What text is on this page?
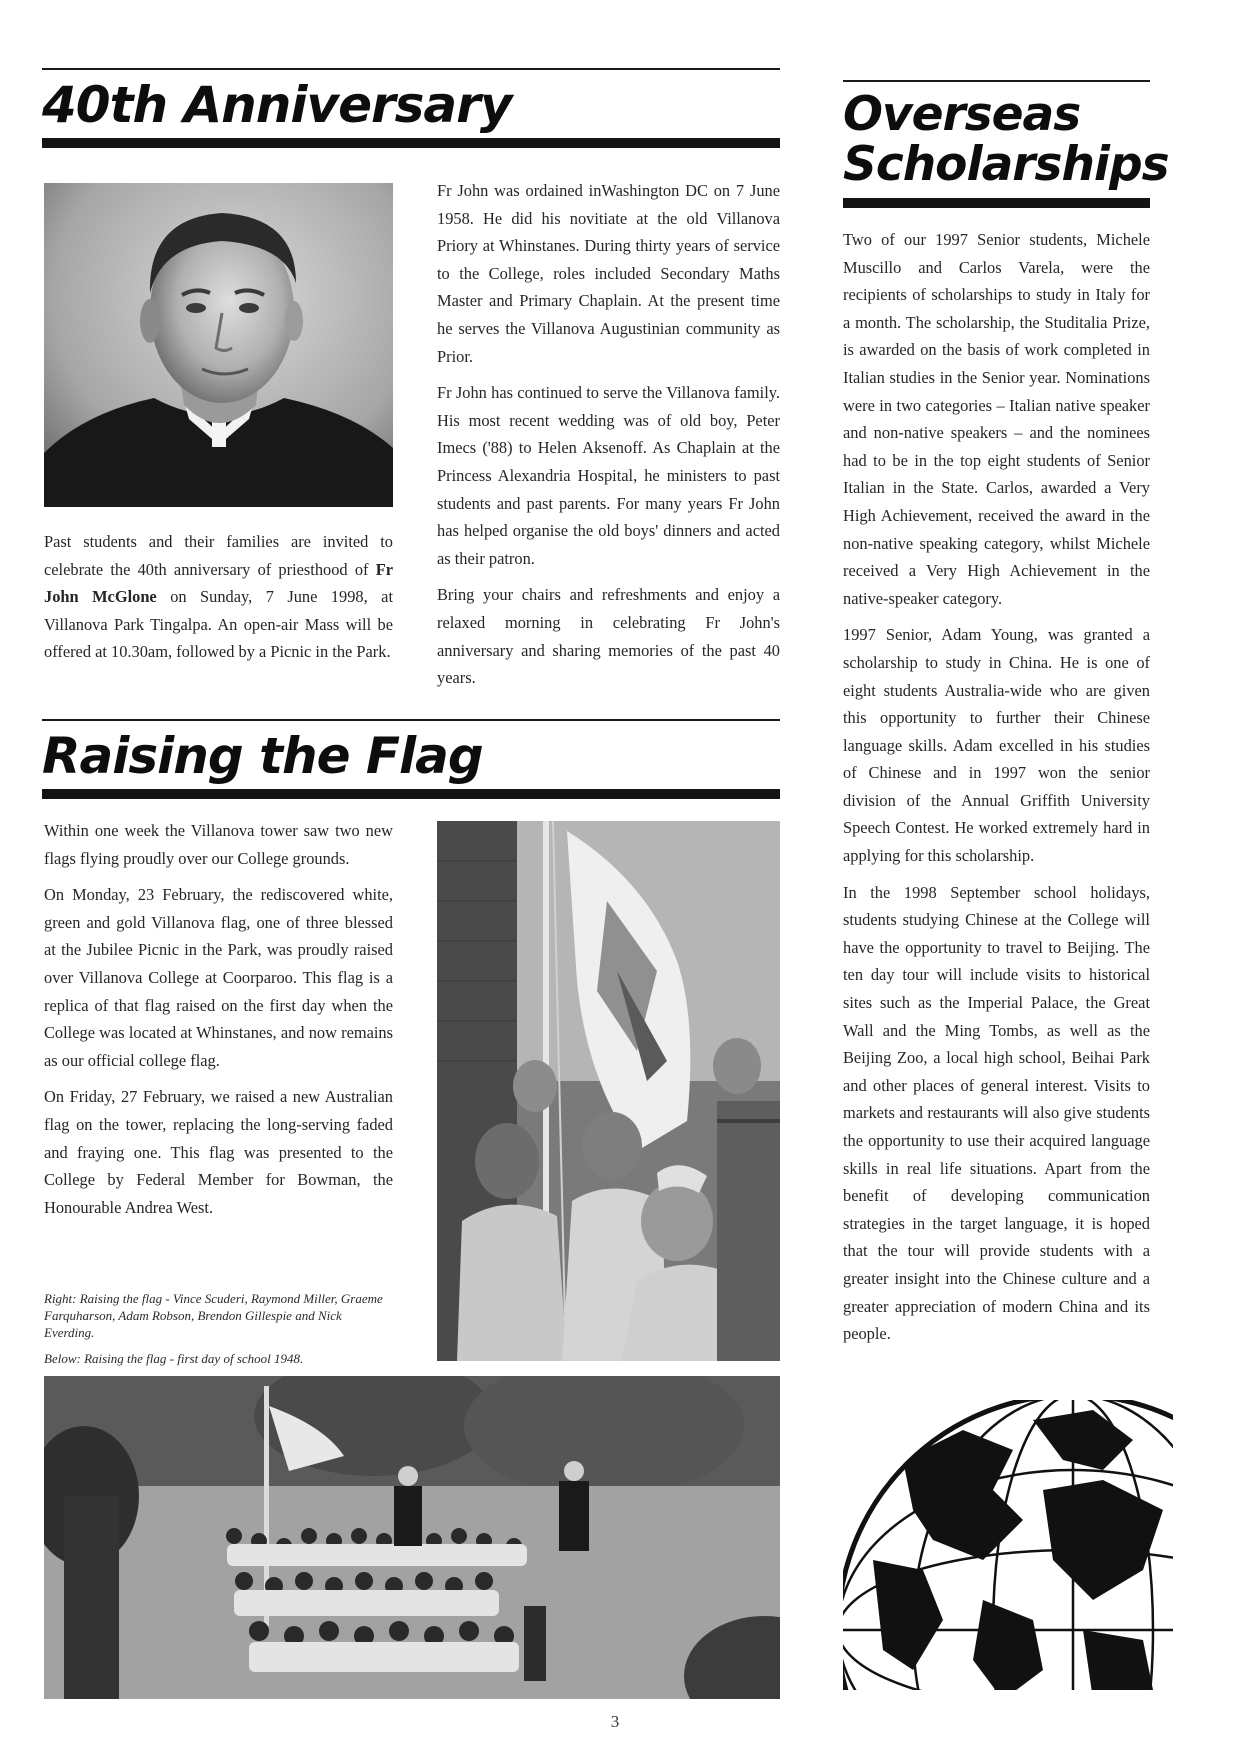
40th Anniversary

Past students and their families are invited to celebrate the 40th anniversary of priesthood of Fr John McGlone on Sunday, 7 June 1998, at Villanova Park Tingalpa. An open-air Mass will be offered at 10.30am, followed by a Picnic in the Park.

Fr John was ordained inWashington DC on 7 June 1958. He did his novitiate at the old Villanova Priory at Whinstanes. During thirty years of service to the College, roles included Secondary Maths Master and Primary Chaplain. At the present time he serves the Villanova Augustinian community as Prior.

Fr John has continued to serve the Villanova family. His most recent wedding was of old boy, Peter Imecs ('88) to Helen Aksenoff. As Chaplain at the Princess Alexandria Hospital, he ministers to past students and past parents. For many years Fr John has helped organise the old boys' dinners and acted as their patron.

Bring your chairs and refreshments and enjoy a relaxed morning in celebrating Fr John's anniversary and sharing memories of the past 40 years.

Raising the Flag

Within one week the Villanova tower saw two new flags flying proudly over our College grounds.

On Monday, 23 February, the rediscovered white, green and gold Villanova flag, one of three blessed at the Jubilee Picnic in the Park, was proudly raised over Villanova College at Coorparoo. This flag is a replica of that flag raised on the first day when the College was located at Whinstanes, and now remains as our official college flag.

On Friday, 27 February, we raised a new Australian flag on the tower, replacing the long-serving faded and fraying one. This flag was presented to the College by Federal Member for Bowman, the Honourable Andrea West.

Right: Raising the flag - Vince Scuderi, Raymond Miller, Graeme Farquharson, Adam Robson, Brendon Gillespie and Nick Everding.

Below: Raising the flag - first day of school 1948.

Overseas
Scholarships

Two of our 1997 Senior students, Michele Muscillo and Carlos Varela, were the recipients of scholarships to study in Italy for a month. The scholarship, the Studitalia Prize, is awarded on the basis of work completed in Italian studies in the Senior year. Nominations were in two categories – Italian native speaker and non-native speakers – and the nominees had to be in the top eight students of Senior Italian in the State. Carlos, awarded a Very High Achievement, received the award in the non-native speaking category, whilst Michele received a Very High Achievement in the native-speaker category.

1997 Senior, Adam Young, was granted a scholarship to study in China. He is one of eight students Australia-wide who are given this opportunity to further their Chinese language skills. Adam excelled in his studies of Chinese and in 1997 won the senior division of the Annual Griffith University Speech Contest. He worked extremely hard in applying for this scholarship.

In the 1998 September school holidays, students studying Chinese at the College will have the opportunity to travel to Beijing. The ten day tour will include visits to historical sites such as the Imperial Palace, the Great Wall and the Ming Tombs, as well as the Beijing Zoo, a local high school, Beihai Park and other places of general interest. Visits to markets and restaurants will also give students the opportunity to use their acquired language skills in real life situations. Apart from the benefit of developing communication strategies in the target language, it is hoped that the tour will provide students with a greater insight into the Chinese culture and a greater appreciation of modern China and its people.

3
